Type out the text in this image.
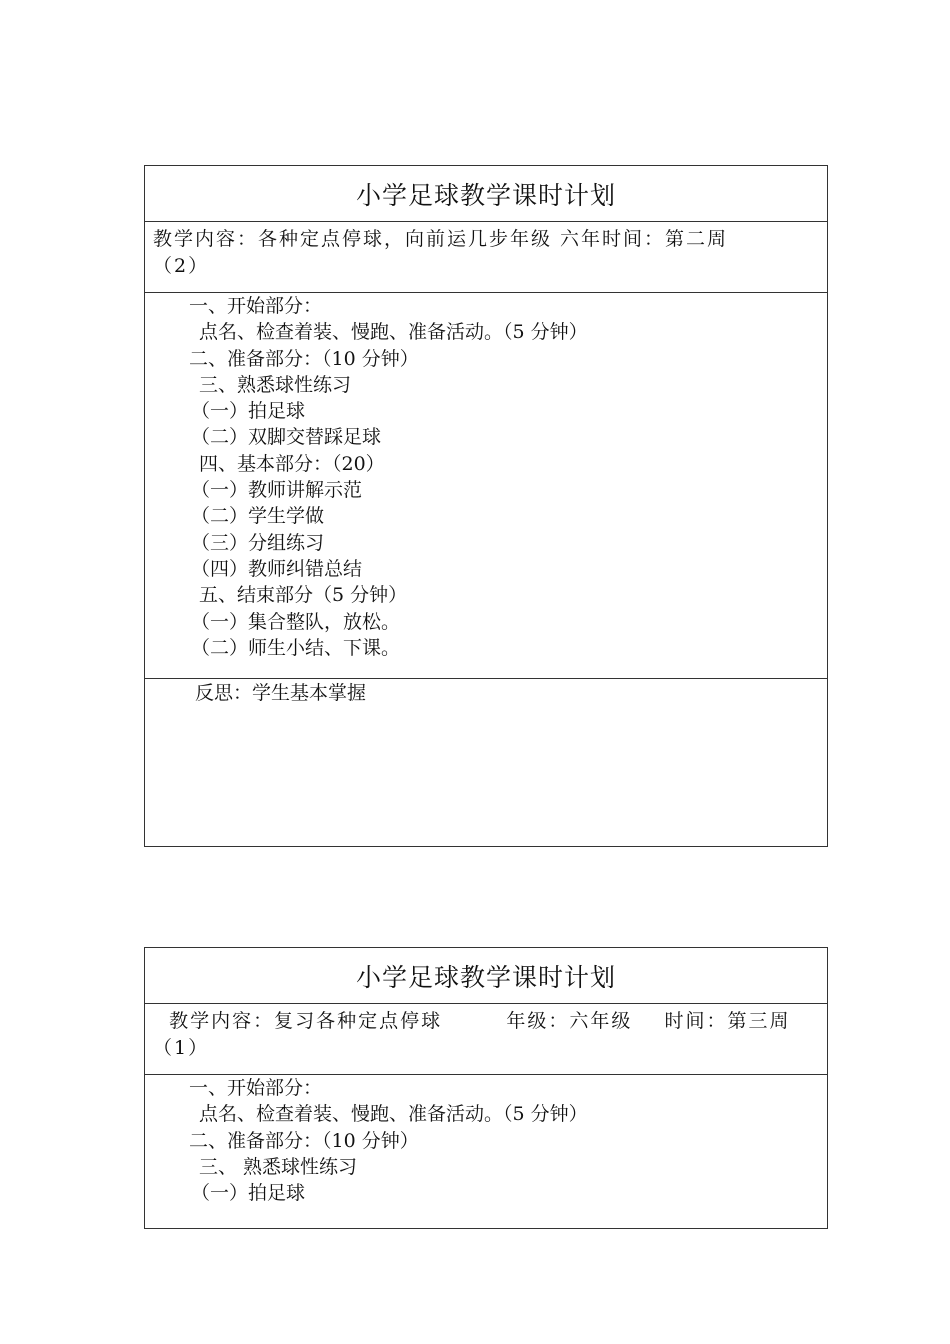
小学足球教学课时计划
教学内容：各种定点停球，向前运几步年级 六年时间：第二周
（2）
一、开始部分：
点名、检查着装、慢跑、准备活动。（5 分钟）
二、准备部分：（10 分钟）
三、熟悉球性练习
（一）拍足球
（二）双脚交替踩足球
四、基本部分：（20）
（一）教师讲解示范
（二）学生学做
（三）分组练习
（四）教师纠错总结
五、结束部分（5 分钟）
（一）集合整队，放松。
（二）师生小结、下课。
反思：学生基本掌握
小学足球教学课时计划
教学内容：复习各种定点停球        年级：六年级    时间：第三周
（1）
一、开始部分：
点名、检查着装、慢跑、准备活动。（5 分钟）
二、准备部分：（10 分钟）
三、 熟悉球性练习
（一）拍足球
